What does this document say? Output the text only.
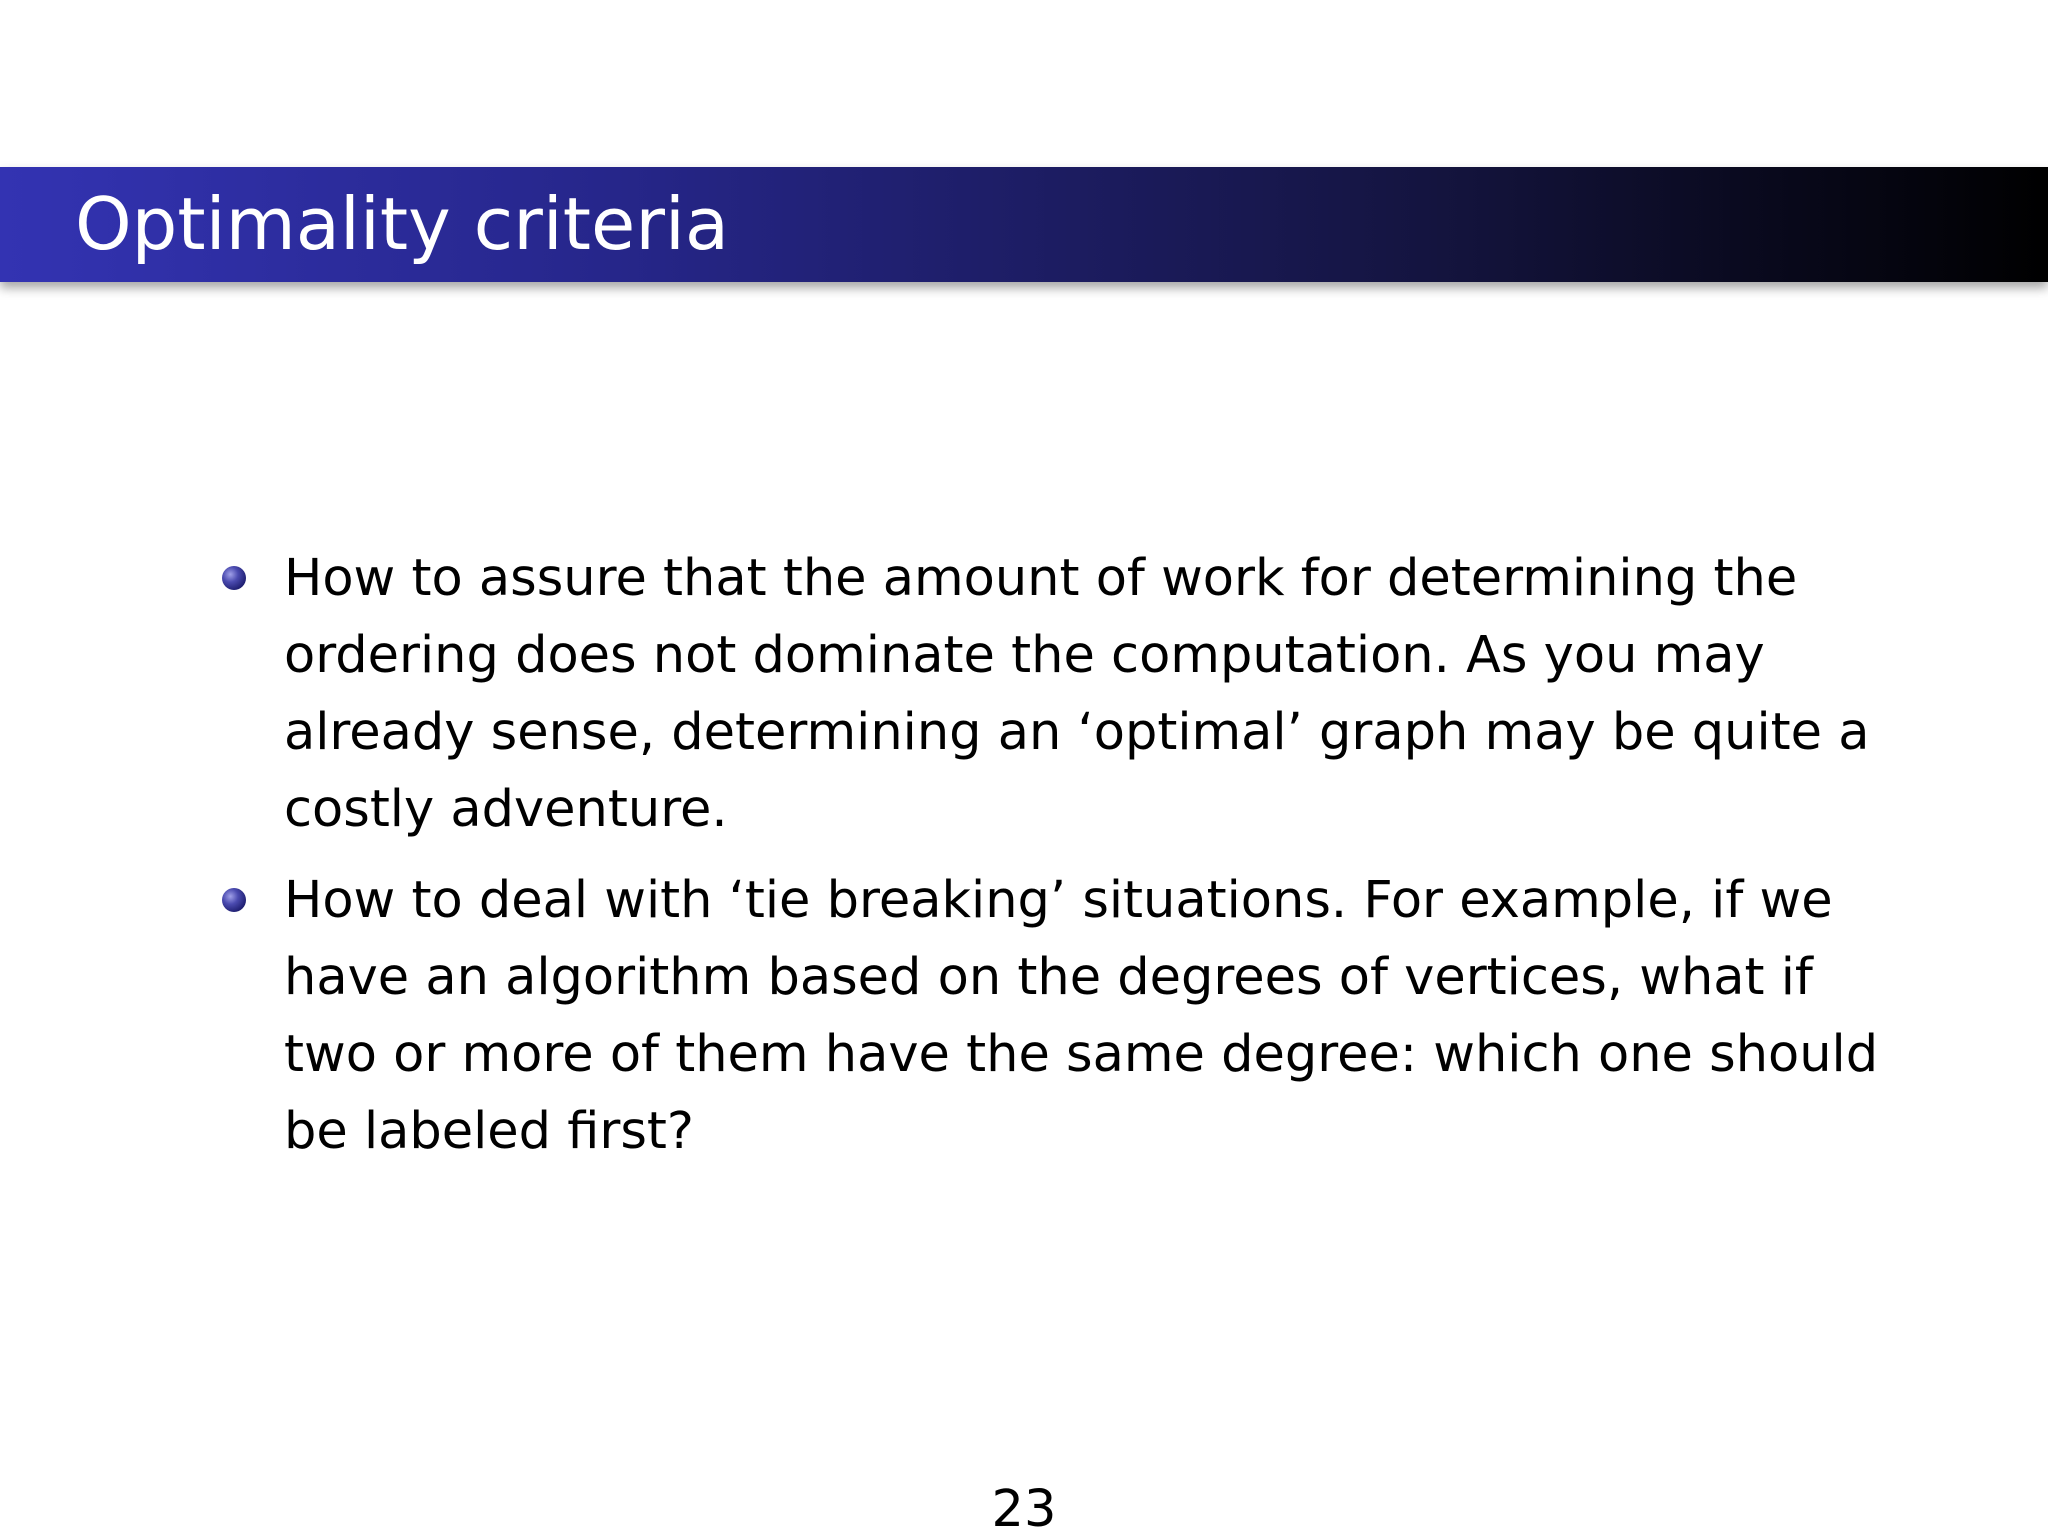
Optimality criteria
How to assure that the amount of work for determining the ordering does not dominate the computation. As you may already sense, determining an ‘optimal’ graph may be quite a costly adventure.
How to deal with ‘tie breaking’ situations. For example, if we have an algorithm based on the degrees of vertices, what if two or more of them have the same degree: which one should be labeled first?
23
